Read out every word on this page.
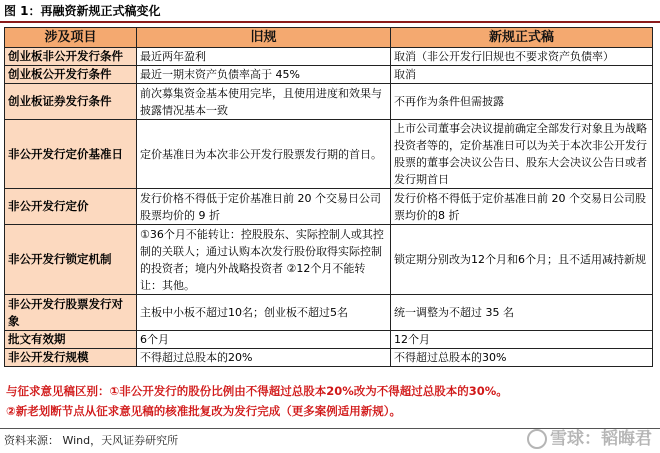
图 1：再融资新规正式稿变化
涉及项目	旧规	新规正式稿
创业板非公开发行条件	最近两年盈利	取消（非公开发行旧规也不要求资产负债率）
创业板公开发行条件	最近一期末资产负债率高于 45%	取消
创业板证券发行条件	前次募集资金基本使用完毕，且使用进度和效果与披露情况基本一致	不再作为条件但需披露
非公开发行定价基准日	定价基准日为本次非公开发行股票发行期的首日。	上市公司董事会决议提前确定全部发行对象且为战略投资者等的，定价基准日可以为关于本次非公开发行股票的董事会决议公告日、股东大会决议公告日或者发行期首日
非公开发行定价	发行价格不得低于定价基准日前 20 个交易日公司股票均价的 9 折	发行价格不得低于定价基准日前 20 个交易日公司股票均价的8 折
非公开发行锁定机制	①36个月不能转让：控股股东、实际控制人或其控制的关联人；通过认购本次发行股份取得实际控制的投资者；境内外战略投资者 ②12个月不能转让：其他。	锁定期分别改为12个月和6个月；且不适用减持新规
非公开发行股票发行对象	主板中小板不超过10名；创业板不超过5名	统一调整为不超过 35 名
批文有效期	6个月	12个月
非公开发行规模	不得超过总股本的20%	不得超过总股本的30%
与征求意见稿区别：①非公开发行的股份比例由不得超过总股本20%改为不得超过总股本的30%。
②新老划断节点从征求意见稿的核准批复改为发行完成（更多案例适用新规）。
资料来源： Wind，天风证券研究所	雪球：韬晦君
